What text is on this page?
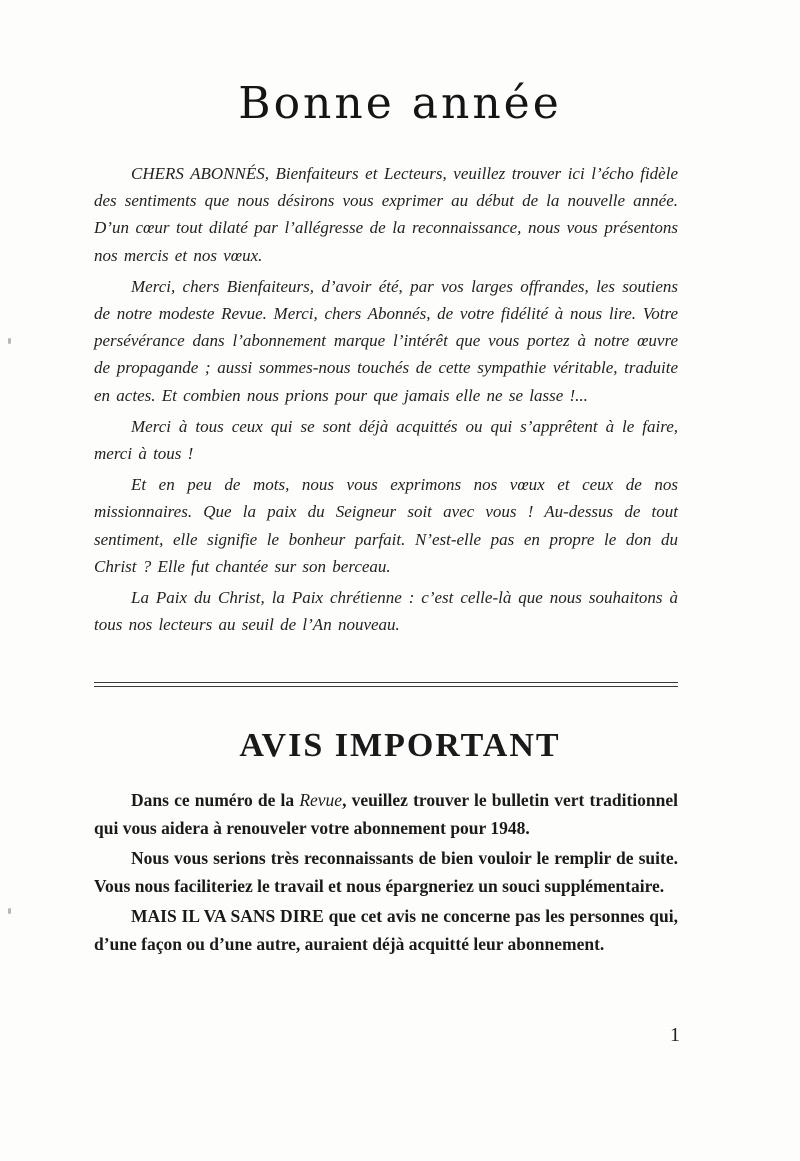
Bonne année

CHERS ABONNÉS, Bienfaiteurs et Lecteurs, veuillez trouver ici l’écho fidèle des sentiments que nous désirons vous exprimer au début de la nouvelle année. D’un cœur tout dilaté par l’allégresse de la reconnaissance, nous vous présentons nos mercis et nos vœux.

Merci, chers Bienfaiteurs, d’avoir été, par vos larges offrandes, les soutiens de notre modeste Revue. Merci, chers Abonnés, de votre fidélité à nous lire. Votre persévérance dans l’abonnement marque l’intérêt que vous portez à notre œuvre de propagande ; aussi sommes-nous touchés de cette sympathie véritable, traduite en actes. Et combien nous prions pour que jamais elle ne se lasse !...

Merci à tous ceux qui se sont déjà acquittés ou qui s’apprêtent à le faire, merci à tous !

Et en peu de mots, nous vous exprimons nos vœux et ceux de nos missionnaires. Que la paix du Seigneur soit avec vous ! Au-dessus de tout sentiment, elle signifie le bonheur parfait. N’est-elle pas en propre le don du Christ ? Elle fut chantée sur son berceau.

La Paix du Christ, la Paix chrétienne : c’est celle-là que nous souhaitons à tous nos lecteurs au seuil de l’An nouveau.

AVIS IMPORTANT

Dans ce numéro de la Revue, veuillez trouver le bulletin vert traditionnel qui vous aidera à renouveler votre abonnement pour 1948.

Nous vous serions très reconnaissants de bien vouloir le remplir de suite. Vous nous faciliteriez le travail et nous épargneriez un souci supplémentaire.

MAIS IL VA SANS DIRE que cet avis ne concerne pas les personnes qui, d’une façon ou d’une autre, auraient déjà acquitté leur abonnement.

1
